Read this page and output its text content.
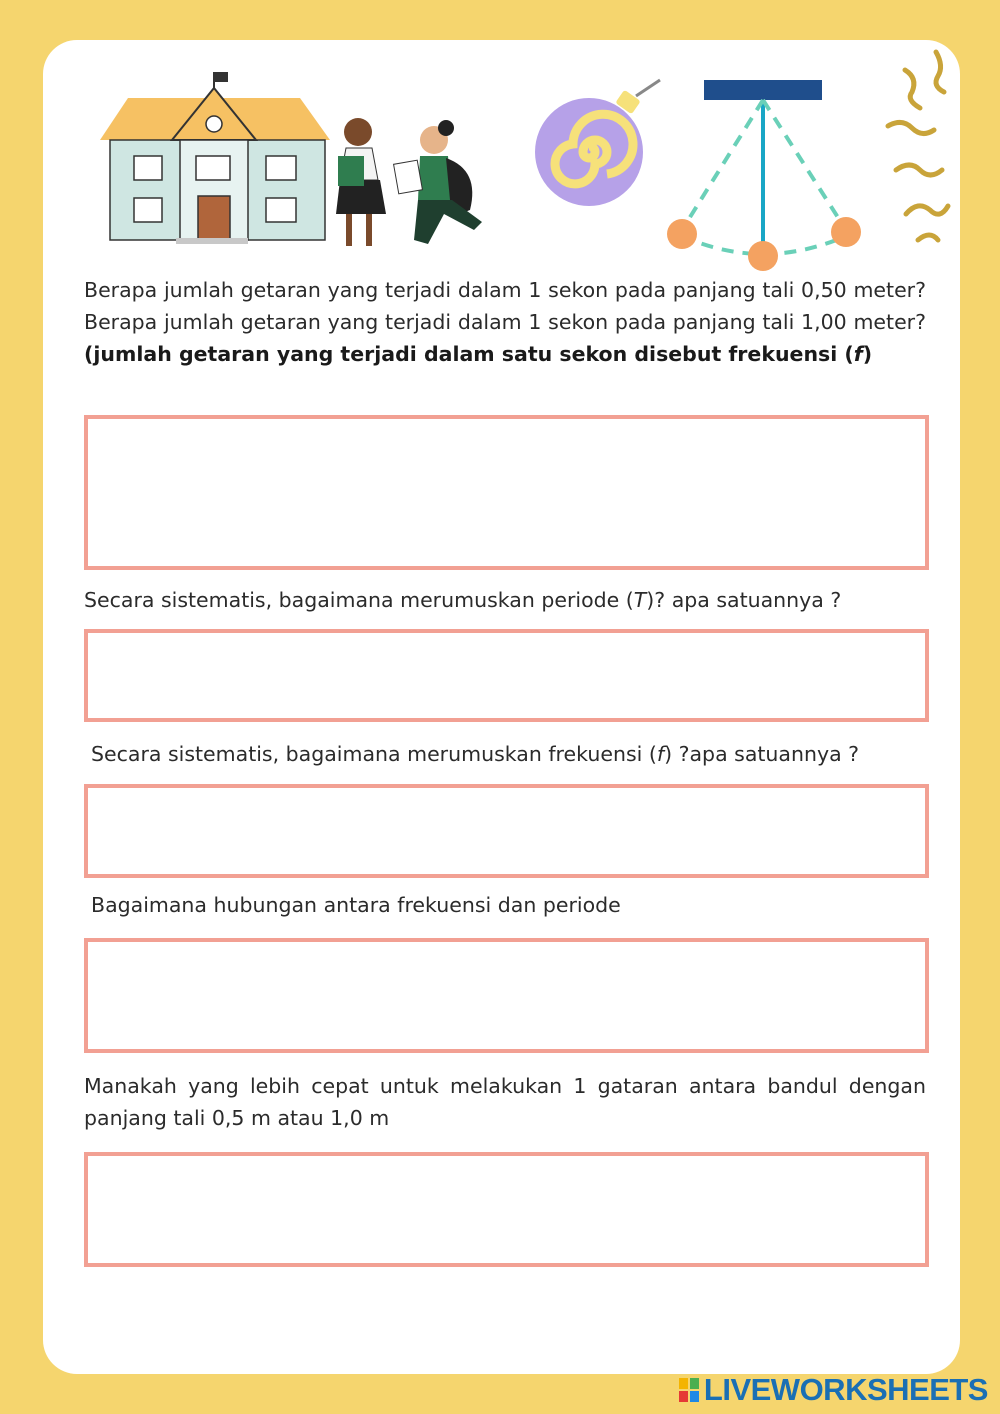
Berapa jumlah getaran yang terjadi dalam 1 sekon pada panjang tali 0,50 meter? Berapa jumlah getaran yang terjadi dalam 1 sekon pada panjang tali 1,00 meter? (jumlah getaran yang terjadi dalam satu sekon disebut frekuensi (f)

Secara sistematis, bagaimana merumuskan periode (T)? apa satuannya ?

Secara sistematis, bagaimana merumuskan frekuensi (f) ?apa satuannya ?

Bagaimana hubungan antara frekuensi dan periode

Manakah yang lebih cepat untuk melakukan 1 gataran antara bandul dengan panjang tali 0,5 m atau 1,0 m

LIVEWORKSHEETS
